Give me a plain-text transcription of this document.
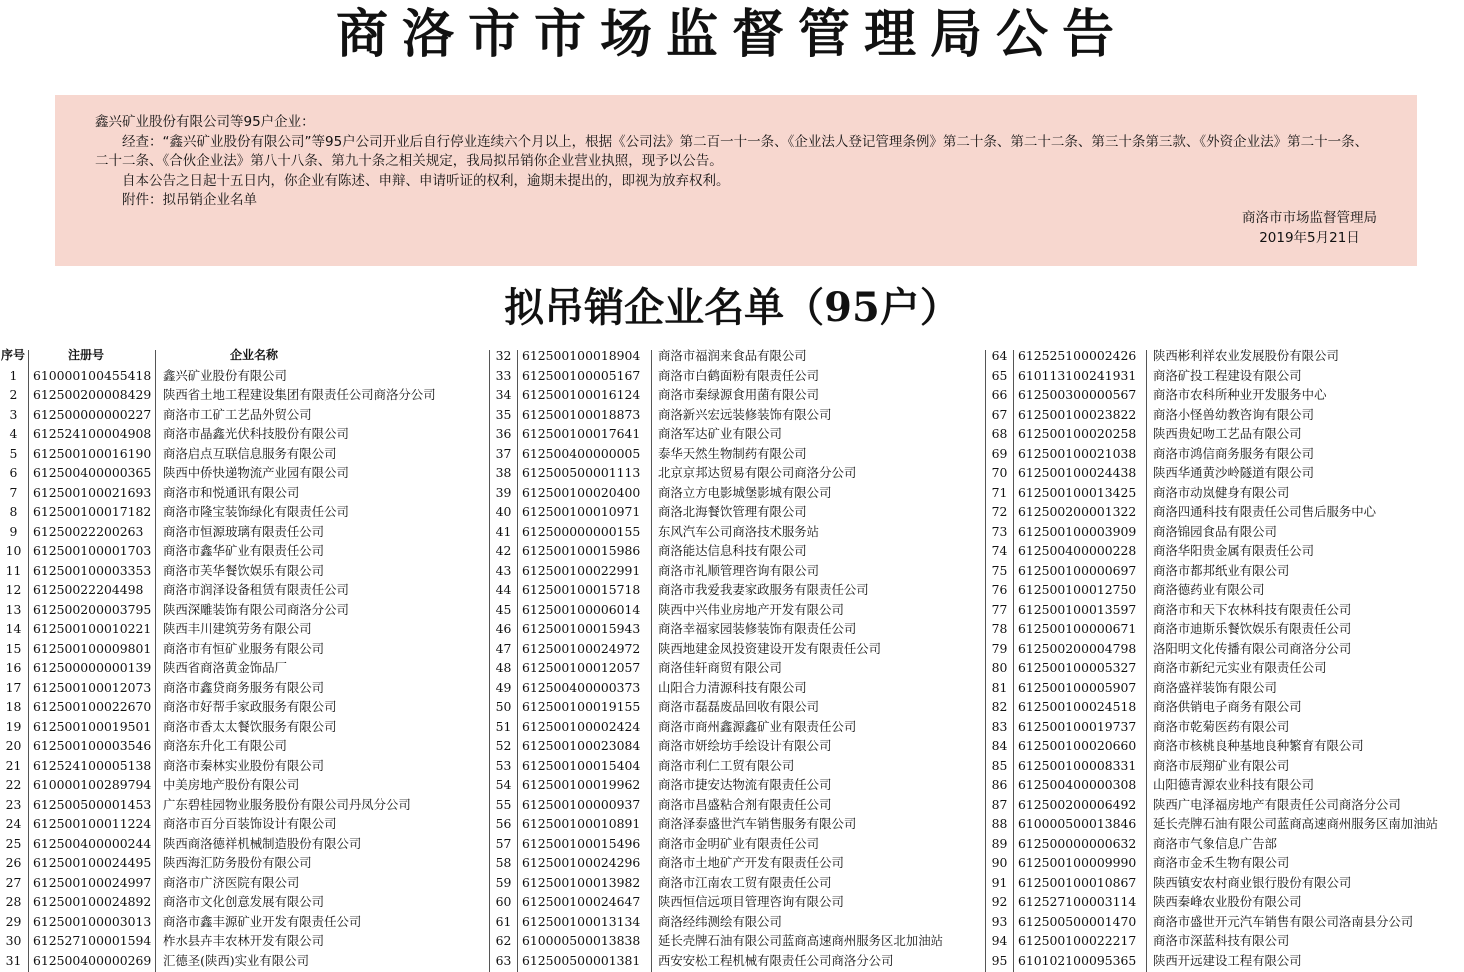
商洛市市场监督管理局公告

鑫兴矿业股份有限公司等95户企业：

经查：“鑫兴矿业股份有限公司”等95户公司开业后自行停业连续六个月以上，根据《公司法》第二百一十一条、《企业法人登记管理条例》第二十条、第二十二条、第三十条第三款、《外资企业法》第二十一条、二十二条、《合伙企业法》第八十八条、第九十条之相关规定，我局拟吊销你企业营业执照，现予以公告。

自本公告之日起十五日内，你企业有陈述、申辩、申请听证的权利，逾期未提出的，即视为放弃权利。

附件：拟吊销企业名单

商洛市市场监督管理局
2019年5月21日
拟吊销企业名单（95户）
序号	注册号	企业名称
1	610000100455418 鑫兴矿业股份有限公司
2	612500200008429 陕西省土地工程建设集团有限责任公司商洛分公司
3	612500000000227 商洛市工矿工艺品外贸公司
4	612524100004908 商洛市晶鑫光伏科技股份有限公司
5	612500100016190 商洛启点互联信息服务有限公司
6	612500400000365 陕西中侨快递物流产业园有限公司
7	612500100021693 商洛市和悦通讯有限公司
8	612500100017182 商洛市隆宝装饰绿化有限责任公司
9	61250022200263	商洛市恒源玻璃有限责任公司
10 612500100001703 商洛市鑫华矿业有限责任公司
11 612500100003353 商洛市芙华餐饮娱乐有限公司
12 61250022204498	商洛市润泽设备租赁有限责任公司
13 612500200003795 陕西深雕装饰有限公司商洛分公司
14 612500100010221 陕西丰川建筑劳务有限公司
15 612500100009801 商洛市有恒矿业服务有限公司
16 612500000000139 陕西省商洛黄金饰品厂
17 612500100012073 商洛市鑫贷商务服务有限公司
18 612500100022670 商洛市好帮手家政服务有限公司
19 612500100019501 商洛市香太太餐饮服务有限公司
20 612500100003546 商洛东升化工有限公司
21 612524100005138 商洛市秦林实业股份有限公司
22 610000100289794 中美房地产股份有限公司
23 612500500001453 广东碧桂园物业服务股份有限公司丹凤分公司
24 612500100011224 商洛市百分百装饰设计有限公司
25 612500400000244 陕西商洛德祥机械制造股份有限公司
26 612500100024495 陕西海汇防务股份有限公司
27 612500100024997 商洛市广济医院有限公司
28 612500100024892 商洛市文化创意发展有限公司
29 612500100003013 商洛市鑫丰源矿业开发有限责任公司
30 612527100001594 柞水县卉丰农林开发有限公司
31 612500400000269 汇德圣(陕西)实业有限公司
32 612500100018904	商洛市福润来食品有限公司
33 612500100005167	商洛市白鹤面粉有限责任公司
34 612500100016124	商洛市秦绿源食用菌有限公司
35 612500100018873	商洛新兴宏远装修装饰有限公司
36 612500100017641	商洛军达矿业有限公司
37 612500400000005	泰华天然生物制药有限公司
38 612500500001113	北京京邦达贸易有限公司商洛分公司
39 612500100020400	商洛立方电影城堡影城有限公司
40 612500100010971	商洛北海餐饮管理有限公司
41 612500000000155	东风汽车公司商洛技术服务站
42 612500100015986	商洛能达信息科技有限公司
43 612500100022991	商洛市礼顺管理咨询有限公司
44 612500100015718	商洛市我爱我妻家政服务有限责任公司
45 612500100006014	陕西中兴伟业房地产开发有限公司
46 612500100015943	商洛幸福家园装修装饰有限责任公司
47 612500100024972	陕西地建金凤投资建设开发有限责任公司
48 612500100012057	商洛佳轩商贸有限公司
49 612500400000373	山阳合力清源科技有限公司
50 612500100019155	商洛市磊磊废品回收有限公司
51 612500100002424	商洛市商州鑫源鑫矿业有限责任公司
52 612500100023084	商洛市妍绘坊手绘设计有限公司
53 612500100015404	商洛市利仁工贸有限公司
54 612500100019962	商洛市捷安达物流有限责任公司
55 612500100000937	商洛市昌盛粘合剂有限责任公司
56 612500100010891	商洛泽泰盛世汽车销售服务有限公司
57 612500100015496	商洛市金明矿业有限责任公司
58 612500100024296	商洛市土地矿产开发有限责任公司
59 612500100013982	商洛市江南农工贸有限责任公司
60 612500100024647	陕西恒信远项目管理咨询有限公司
61 612500100013134	商洛经纬测绘有限公司
62 610000500013838	延长壳牌石油有限公司蓝商高速商州服务区北加油站
63 612500500001381	西安安松工程机械有限责任公司商洛分公司
64 612525100002426	陕西彬利祥农业发展股份有限公司
65 610113100241931	商洛矿投工程建设有限公司
66 612500300000567	商洛市农科所种业开发服务中心
67 612500100023822	商洛小怪兽幼教咨询有限公司
68 612500100020258	陕西贵妃吻工艺品有限公司
69 612500100021038	商洛市鸿信商务服务有限公司
70 612500100024438	陕西华通黄沙岭隧道有限公司
71 612500100013425	商洛市动岚健身有限公司
72 612500200001322	商洛四通科技有限责任公司售后服务中心
73 612500100003909	商洛锦园食品有限公司
74 612500400000228	商洛华阳贵金属有限责任公司
75 612500100000697	商洛市都邦纸业有限公司
76 612500100012750	商洛德药业有限公司
77 612500100013597	商洛市和天下农林科技有限责任公司
78 612500100000671	商洛市迪斯乐餐饮娱乐有限责任公司
79 612500200004798	洛阳明文化传播有限公司商洛分公司
80 612500100005327	商洛市新纪元实业有限责任公司
81 612500100005907	商洛盛祥装饰有限公司
82 612500100024518	商洛供销电子商务有限公司
83 612500100019737	商洛市乾菊医药有限公司
84 612500100020660	商洛市核桃良种基地良种繁育有限公司
85 612500100008331	商洛市辰翔矿业有限公司
86 612500400000308	山阳德青源农业科技有限公司
87 612500200006492	陕西广电泽福房地产有限责任公司商洛分公司
88 610000500013846	延长壳牌石油有限公司蓝商高速商州服务区南加油站
89 612500000000632	商洛市气象信息广告部
90 612500100009990	商洛市金禾生物有限公司
91 612500100010867	陕西镇安农村商业银行股份有限公司
92 612527100003114	陕西秦峰农业股份有限公司
93 612500500001470	商洛市盛世开元汽车销售有限公司洛南县分公司
94 612500100022217	商洛市深蓝科技有限公司
95 610102100095365	陕西开远建设工程有限公司
